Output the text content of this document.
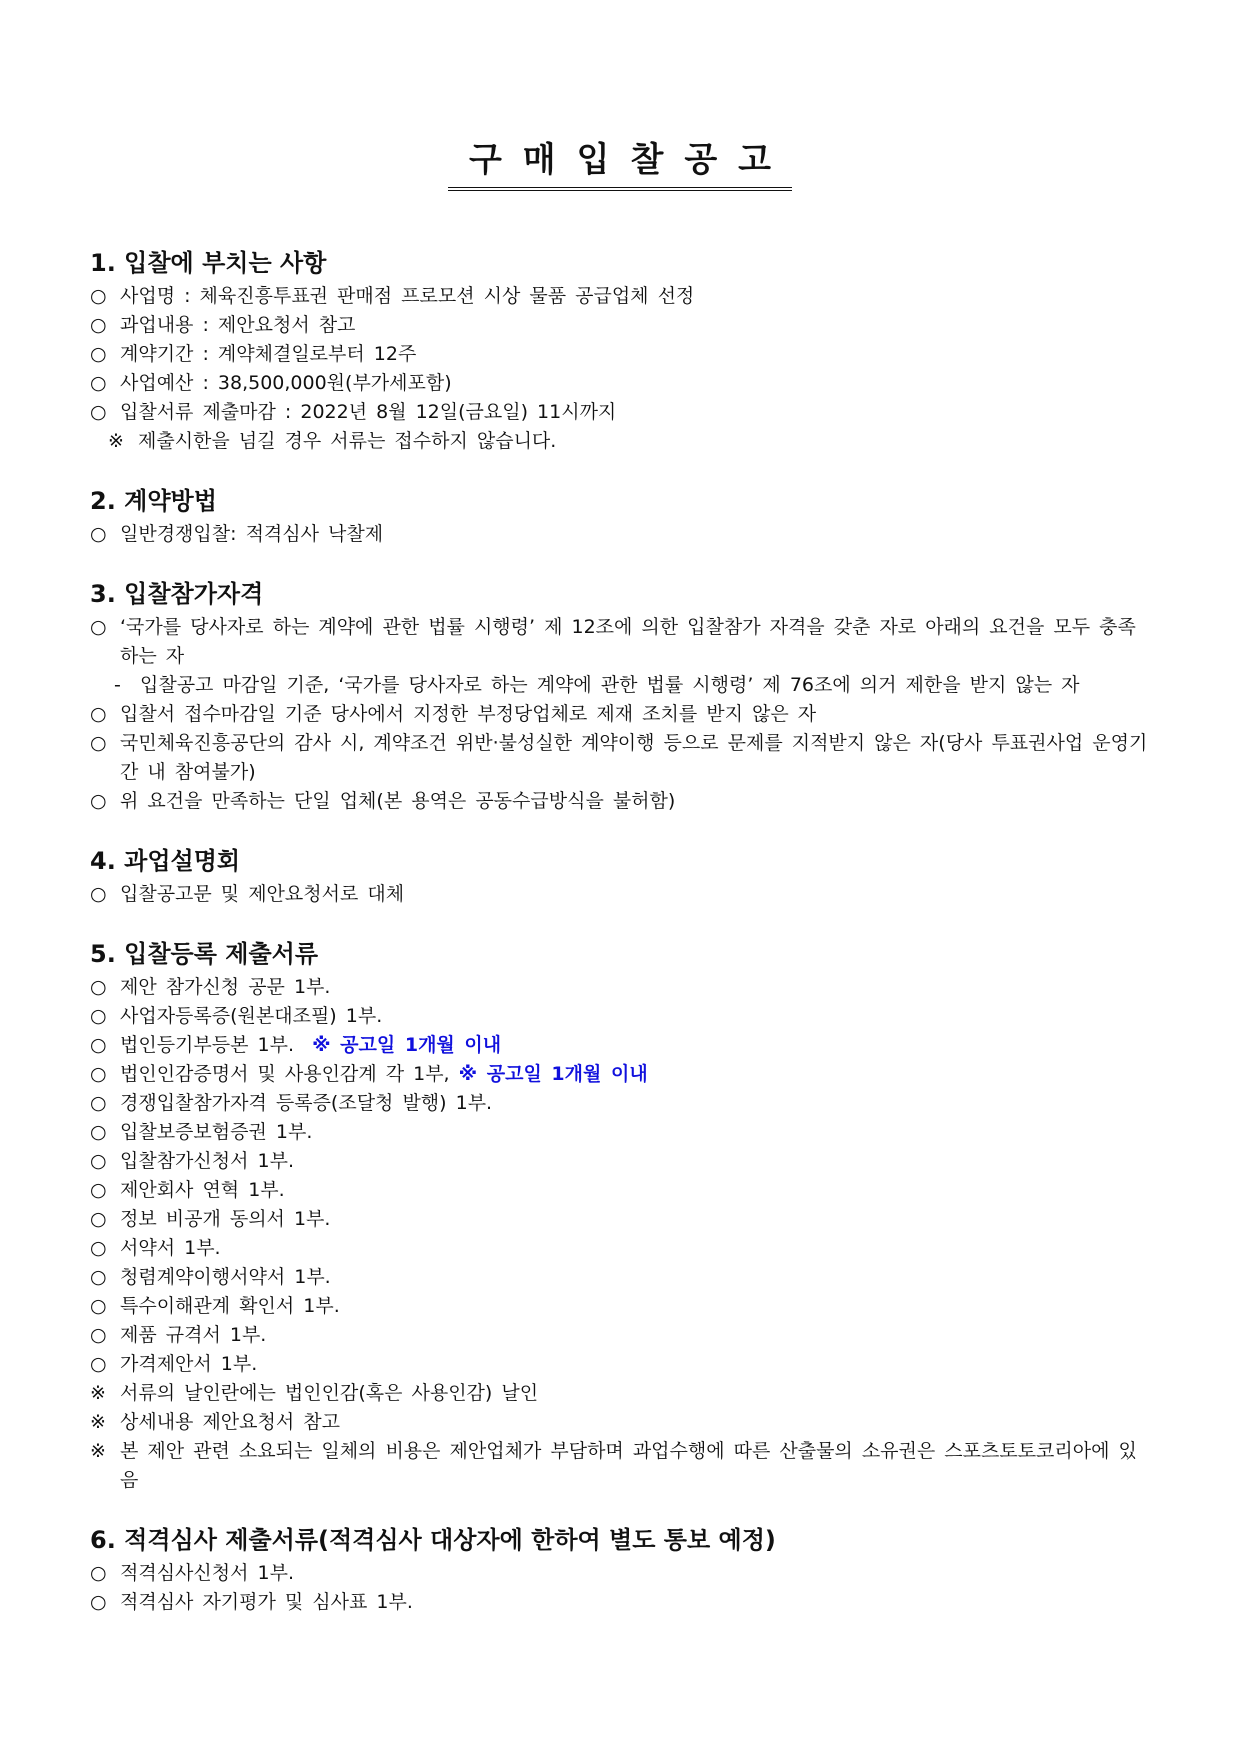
구매입찰공고
1. 입찰에 부치는 사항
○ 사업명 : 체육진흥투표권 판매점 프로모션 시상 물품 공급업체 선정
○ 과업내용 : 제안요청서 참고
○ 계약기간 : 계약체결일로부터 12주
○ 사업예산 : 38,500,000원(부가세포함)
○ 입찰서류 제출마감 : 2022년 8월 12일(금요일) 11시까지
※ 제출시한을 넘길 경우 서류는 접수하지 않습니다.
2. 계약방법
○ 일반경쟁입찰: 적격심사 낙찰제
3. 입찰참가자격
○ ‘국가를 당사자로 하는 계약에 관한 법률 시행령’ 제 12조에 의한 입찰참가 자격을 갖춘 자로 아래의 요건을 모두 충족하는 자
- 입찰공고 마감일 기준, ‘국가를 당사자로 하는 계약에 관한 법률 시행령’ 제 76조에 의거 제한을 받지 않는 자
○ 입찰서 접수마감일 기준 당사에서 지정한 부정당업체로 제재 조치를 받지 않은 자
○ 국민체육진흥공단의 감사 시, 계약조건 위반·불성실한 계약이행 등으로 문제를 지적받지 않은 자(당사 투표권사업 운영기간 내 참여불가)
○ 위 요건을 만족하는 단일 업체(본 용역은 공동수급방식을 불허함)
4. 과업설명회
○ 입찰공고문 및 제안요청서로 대체
5. 입찰등록 제출서류
○ 제안 참가신청 공문 1부.
○ 사업자등록증(원본대조필) 1부.
○ 법인등기부등본 1부. ※ 공고일 1개월 이내
○ 법인인감증명서 및 사용인감계 각 1부, ※ 공고일 1개월 이내
○ 경쟁입찰참가자격 등록증(조달청 발행) 1부.
○ 입찰보증보험증권 1부.
○ 입찰참가신청서 1부.
○ 제안회사 연혁 1부.
○ 정보 비공개 동의서 1부.
○ 서약서 1부.
○ 청렴계약이행서약서 1부.
○ 특수이해관계 확인서 1부.
○ 제품 규격서 1부.
○ 가격제안서 1부.
※ 서류의 날인란에는 법인인감(혹은 사용인감) 날인
※ 상세내용 제안요청서 참고
※ 본 제안 관련 소요되는 일체의 비용은 제안업체가 부담하며 과업수행에 따른 산출물의 소유권은 스포츠토토코리아에 있음
6. 적격심사 제출서류(적격심사 대상자에 한하여 별도 통보 예정)
○ 적격심사신청서 1부.
○ 적격심사 자기평가 및 심사표 1부.
